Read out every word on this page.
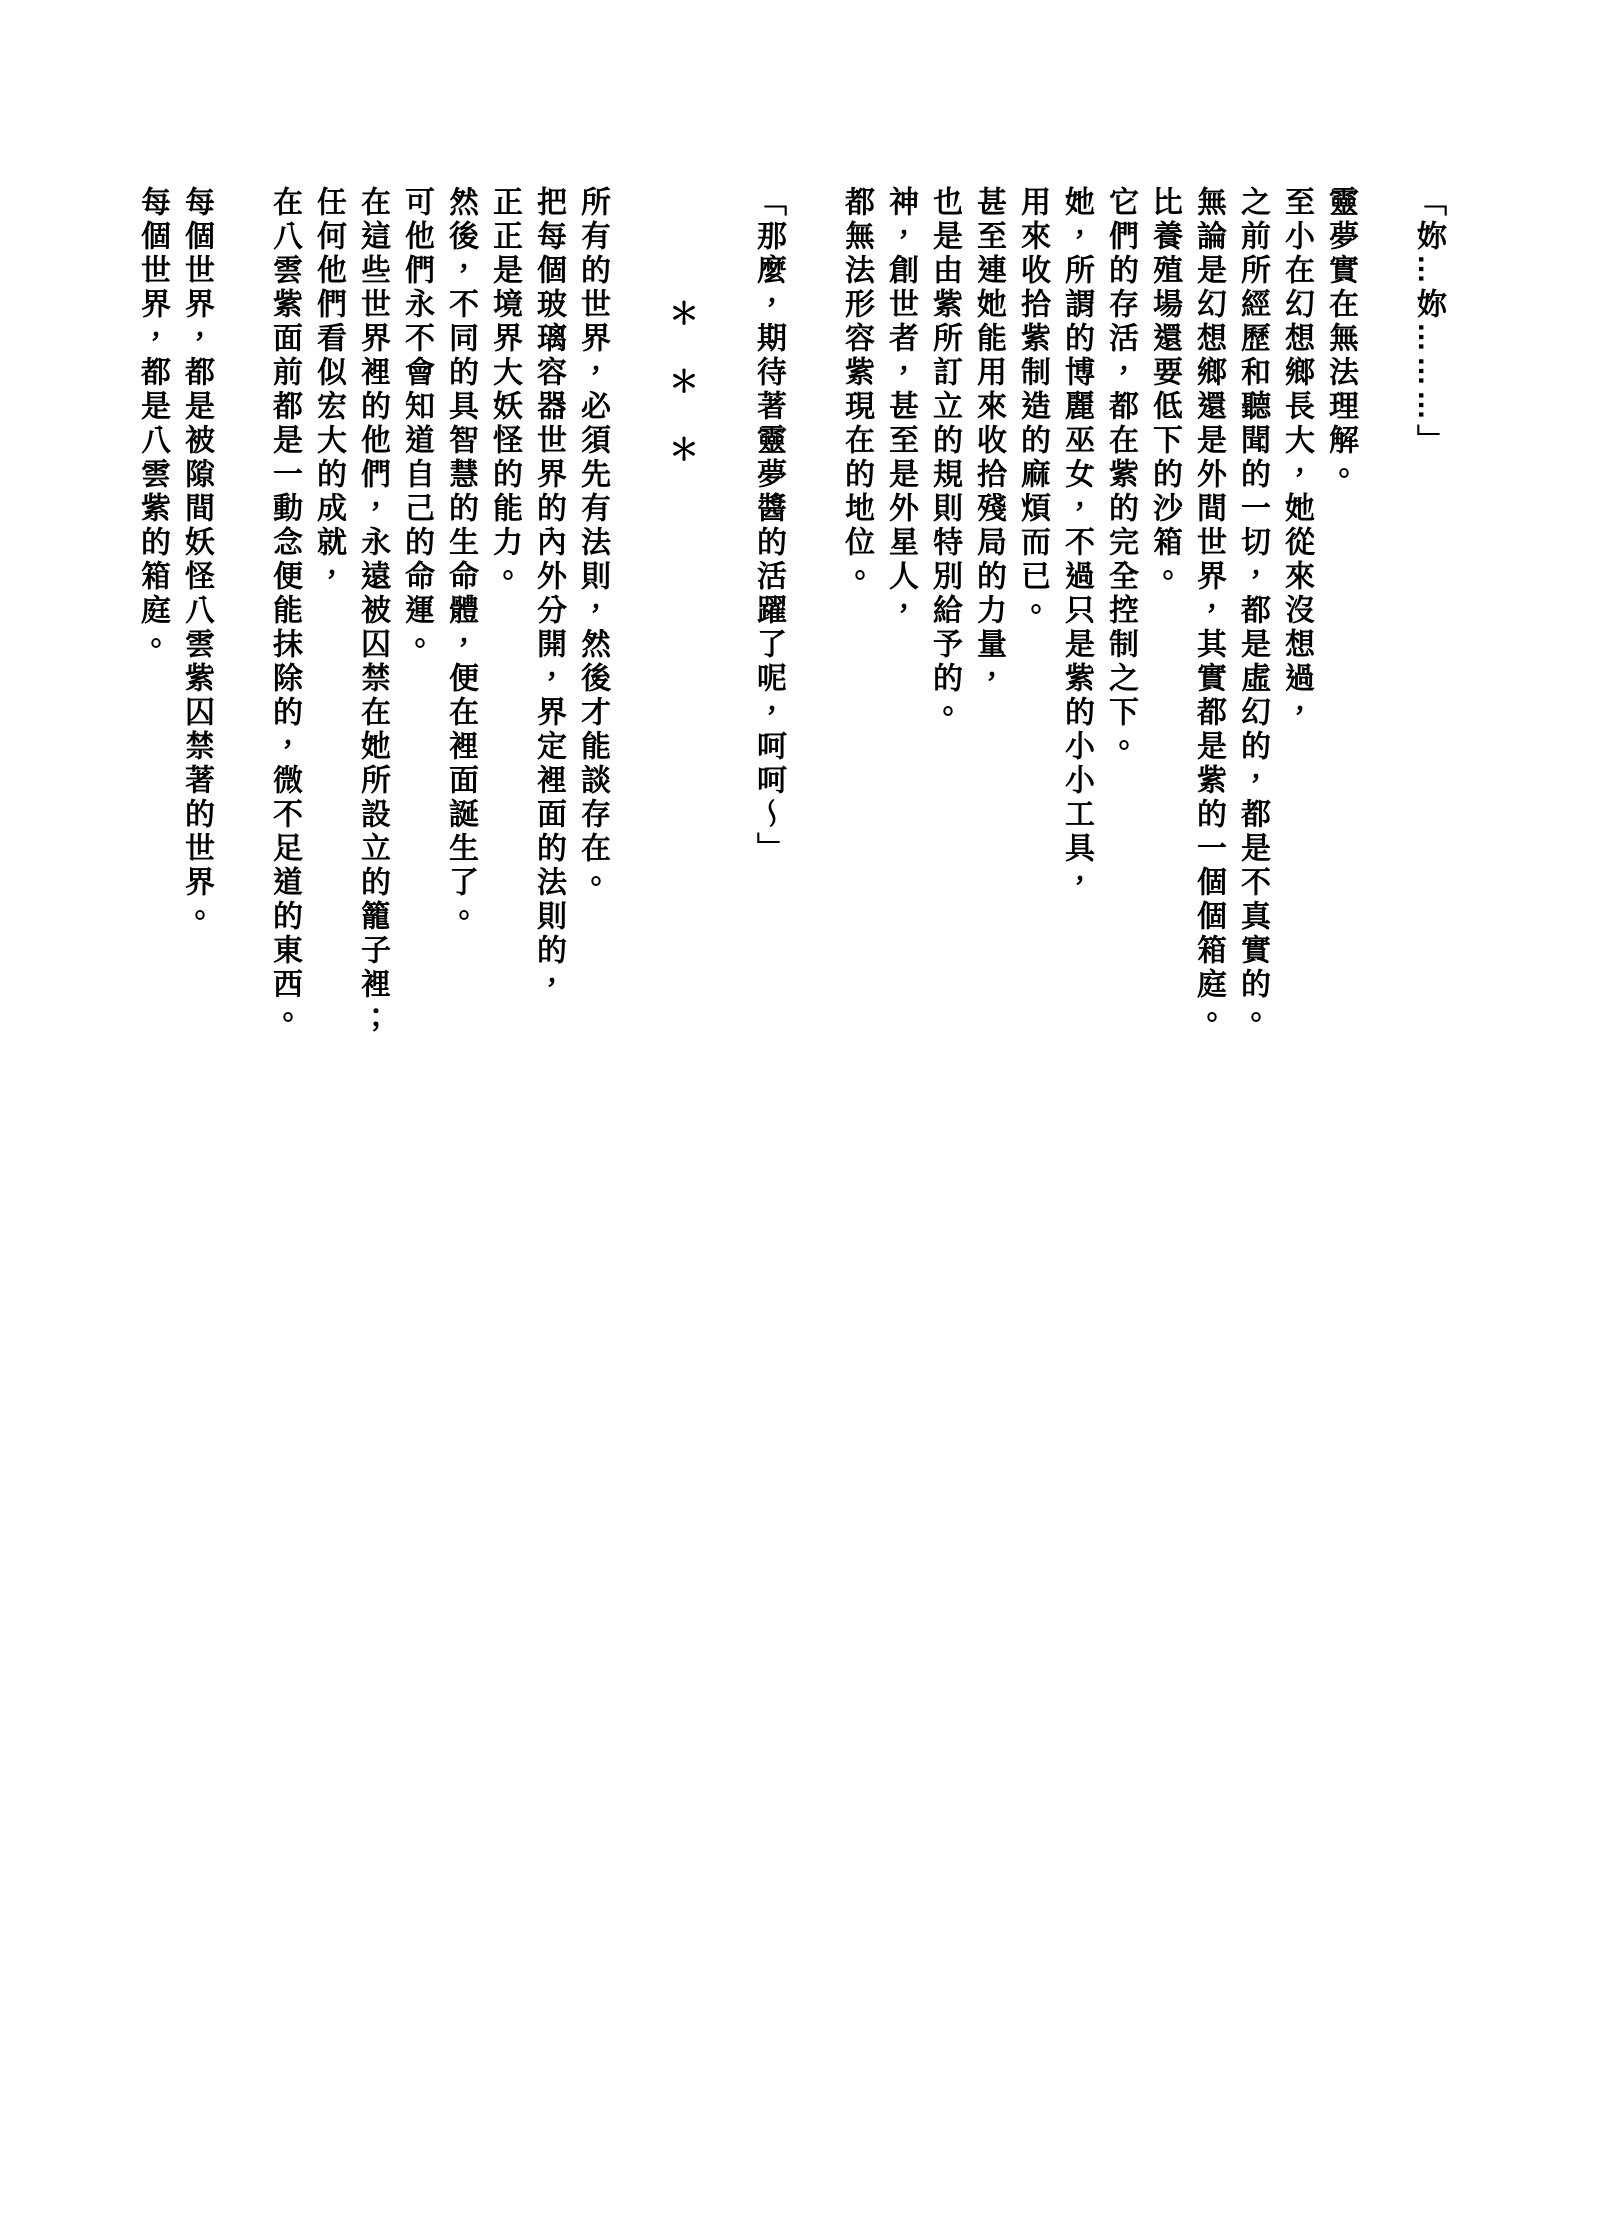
「妳…妳………」
靈夢實在無法理解。
至小在幻想鄉長大，她從來沒想過，
之前所經歷和聽聞的一切，都是虛幻的，都是不真實的。
無論是幻想鄉還是外間世界，其實都是紫的一個個箱庭。
比養殖場還要低下的沙箱。
它們的存活，都在紫的完全控制之下。
她，所謂的博麗巫女，不過只是紫的小小工具，
用來收拾紫制造的麻煩而已。
甚至連她能用來收拾殘局的力量，
也是由紫所訂立的規則特別給予的。
神，創世者，甚至是外星人，
都無法形容紫現在的地位。
「那麼，期待著靈夢醬的活躍了呢，呵呵～」
＊　＊　＊
所有的世界，必須先有法則，然後才能談存在。
把每個玻璃容器世界的內外分開，界定裡面的法則的，
正正是境界大妖怪的能力。
然後，不同的具智慧的生命體，便在裡面誕生了。
可他們永不會知道自己的命運。
在這些世界裡的他們，永遠被囚禁在她所設立的籠子裡；
任何他們看似宏大的成就，
在八雲紫面前都是一動念便能抹除的，微不足道的東西。
每個世界，都是被隙間妖怪八雲紫囚禁著的世界。
每個世界，都是八雲紫的箱庭。
